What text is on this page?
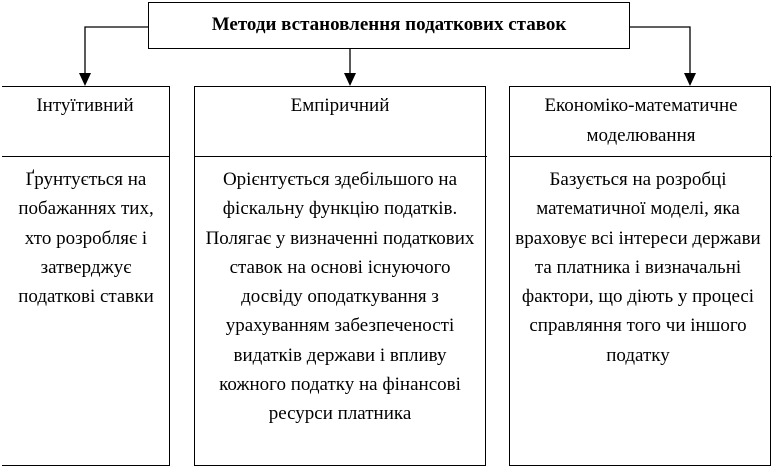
Методи встановлення податкових ставок
Інтуїтивний
Ґрунтується на побажаннях тих, хто розробляє і затверджує податкові ставки
Емпіричний
Орієнтується здебільшого на фіскальну функцію податків. Полягає у визначенні податкових ставок на основі існуючого досвіду оподаткування з урахуванням забезпеченості видатків держави і впливу кожного податку на фінансові ресурси платника
Економіко-математичне моделювання
Базується на розробці математичної моделі, яка враховує всі інтереси держави та платника і визначальні фактори, що діють у процесі справляння того чи іншого податку
